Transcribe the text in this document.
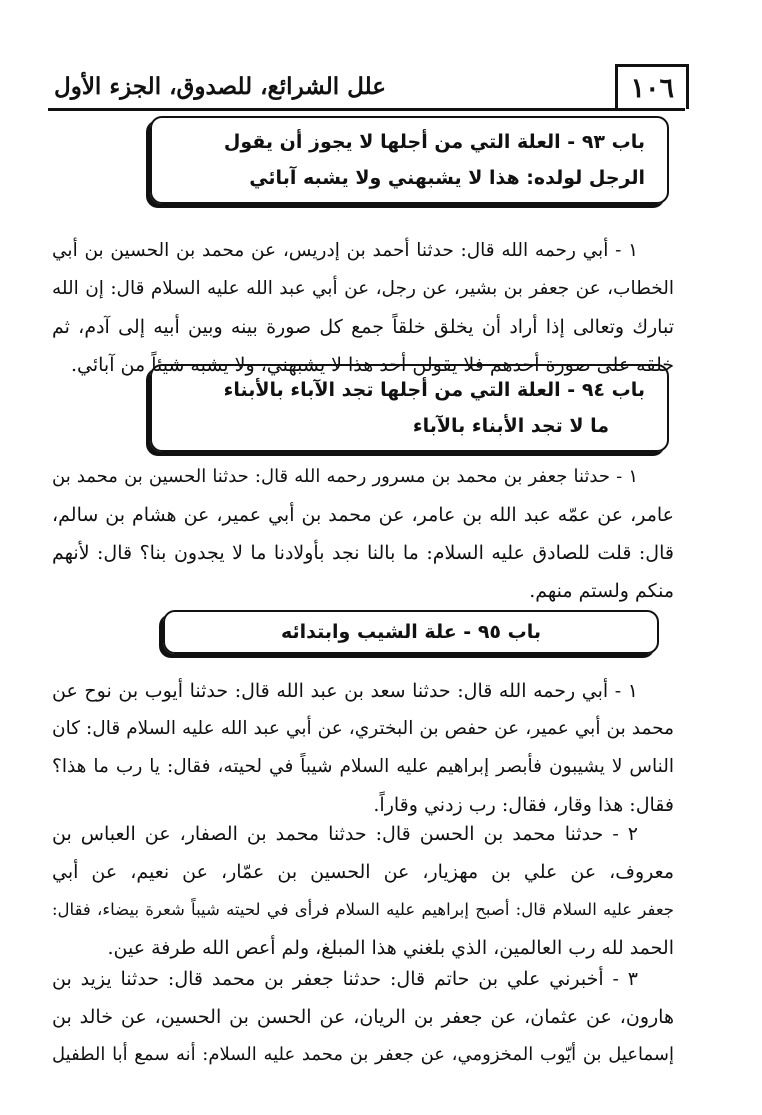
١٠٦
علل الشرائع، للصدوق، الجزء الأول
باب ٩٣ - العلة التي من أجلها لا يجوز أن يقول
الرجل لولده: هذا لا يشبهني ولا يشبه آبائي
١ - أبي رحمه الله قال: حدثنا أحمد بن إدريس، عن محمد بن الحسين بن أبي
الخطاب، عن جعفر بن بشير، عن رجل، عن أبي عبد الله عليه السلام قال: إن الله
تبارك وتعالى إذا أراد أن يخلق خلقاً جمع كل صورة بينه وبين أبيه إلى آدم، ثم
خلقه على صورة أحدهم فلا يقولن أحد هذا لا يشبهني، ولا يشبه شيئاً من آبائي.
باب ٩٤ - العلة التي من أجلها تجد الآباء بالأبناء
ما لا تجد الأبناء بالآباء
١ - حدثنا جعفر بن محمد بن مسرور رحمه الله قال: حدثنا الحسين بن محمد بن
عامر، عن عمّه عبد الله بن عامر، عن محمد بن أبي عمير، عن هشام بن سالم،
قال: قلت للصادق عليه السلام: ما بالنا نجد بأولادنا ما لا يجدون بنا؟ قال: لأنهم
منكم ولستم منهم.
باب ٩٥ - علة الشيب وابتدائه
١ - أبي رحمه الله قال: حدثنا سعد بن عبد الله قال: حدثنا أيوب بن نوح عن
محمد بن أبي عمير، عن حفص بن البختري، عن أبي عبد الله عليه السلام قال: كان
الناس لا يشيبون فأبصر إبراهيم عليه السلام شيباً في لحيته، فقال: يا رب ما هذا؟
فقال: هذا وقار، فقال: رب زدني وقاراً.
٢ - حدثنا محمد بن الحسن قال: حدثنا محمد بن الصفار، عن العباس بن
معروف، عن علي بن مهزيار، عن الحسين بن عمّار، عن نعيم، عن أبي
جعفر عليه السلام قال: أصبح إبراهيم عليه السلام فرأى في لحيته شيباً شعرة بيضاء، فقال:
الحمد لله رب العالمين، الذي بلغني هذا المبلغ، ولم أعص الله طرفة عين.
٣ - أخبرني علي بن حاتم قال: حدثنا جعفر بن محمد قال: حدثنا يزيد بن
هارون، عن عثمان، عن جعفر بن الريان، عن الحسن بن الحسين، عن خالد بن
إسماعيل بن أيّوب المخزومي، عن جعفر بن محمد عليه السلام: أنه سمع أبا الطفيل
